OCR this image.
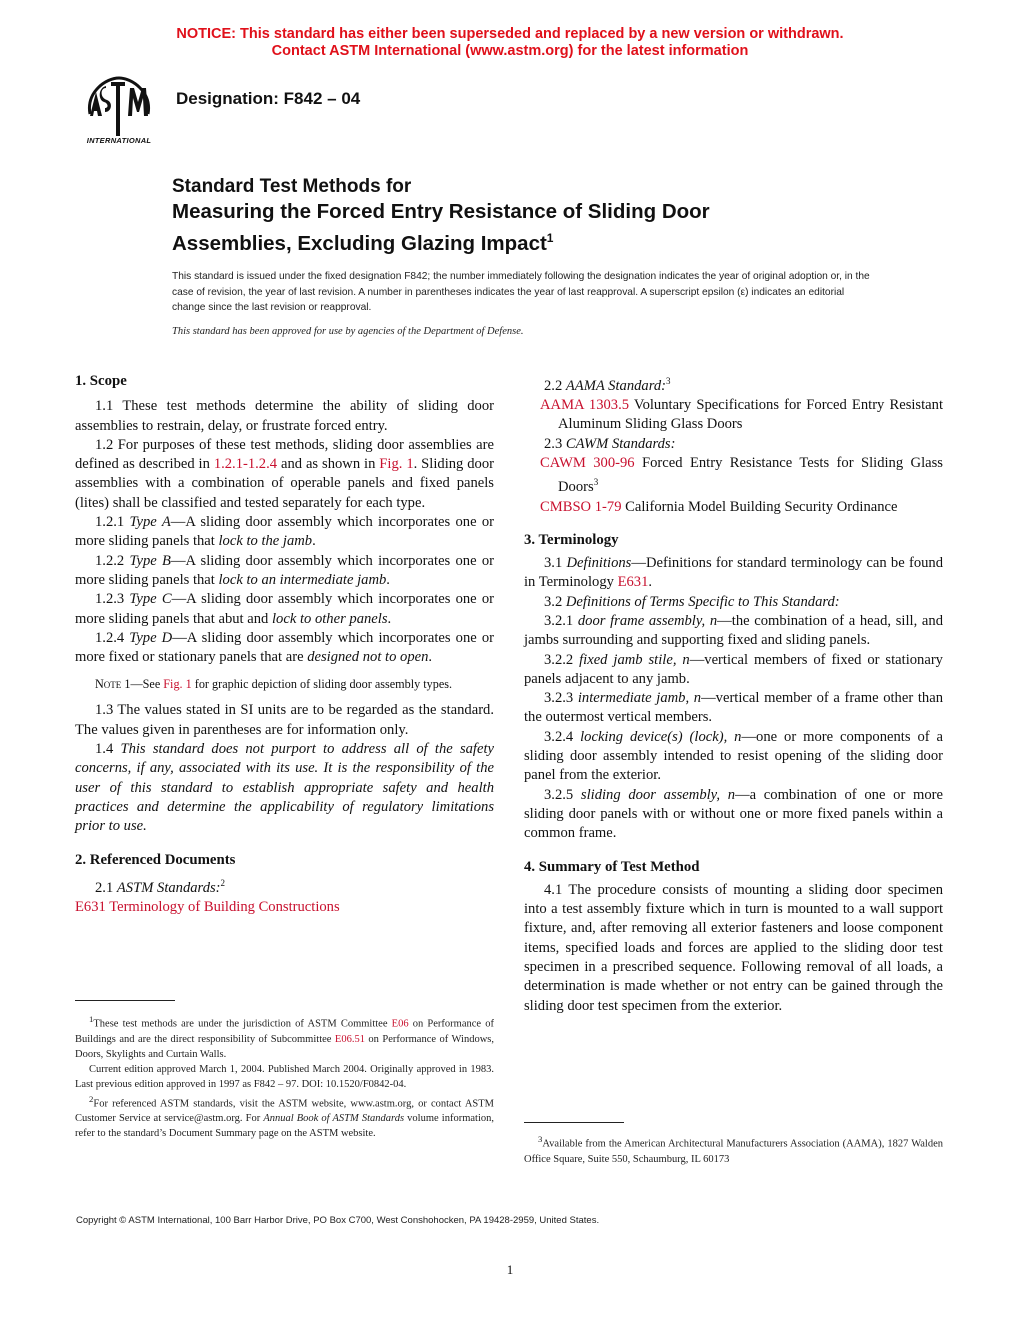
NOTICE: This standard has either been superseded and replaced by a new version or withdrawn.
Contact ASTM International (www.astm.org) for the latest information
INTERNATIONAL
Designation: F842 – 04
Standard Test Methods for
Measuring the Forced Entry Resistance of Sliding Door
Assemblies, Excluding Glazing Impact$^1$
This standard is issued under the fixed designation F842; the number immediately following the designation indicates the year of original adoption or, in the case of revision, the year of last revision. A number in parentheses indicates the year of last reapproval. A superscript epsilon (ε) indicates an editorial change since the last revision or reapproval.
This standard has been approved for use by agencies of the Department of Defense.

1. Scope

1.1 These test methods determine the ability of sliding door assemblies to restrain, delay, or frustrate forced entry.

1.2 For purposes of these test methods, sliding door assemblies are defined as described in 1.2.1-1.2.4 and as shown in Fig. 1. Sliding door assemblies with a combination of operable panels and fixed panels (lites) shall be classified and tested separately for each type.

1.2.1 Type A—A sliding door assembly which incorporates one or more sliding panels that lock to the jamb.

1.2.2 Type B—A sliding door assembly which incorporates one or more sliding panels that lock to an intermediate jamb.

1.2.3 Type C—A sliding door assembly which incorporates one or more sliding panels that abut and lock to other panels.

1.2.4 Type D—A sliding door assembly which incorporates one or more fixed or stationary panels that are designed not to open.

Note 1—See Fig. 1 for graphic depiction of sliding door assembly types.

1.3 The values stated in SI units are to be regarded as the standard. The values given in parentheses are for information only.

1.4 This standard does not purport to address all of the safety concerns, if any, associated with its use. It is the responsibility of the user of this standard to establish appropriate safety and health practices and determine the applicability of regulatory limitations prior to use.

2. Referenced Documents

2.1 ASTM Standards:$^2$

E631 Terminology of Building Constructions

$^1$These test methods are under the jurisdiction of ASTM Committee E06 on Performance of Buildings and are the direct responsibility of Subcommittee E06.51 on Performance of Windows, Doors, Skylights and Curtain Walls.

Current edition approved March 1, 2004. Published March 2004. Originally approved in 1983. Last previous edition approved in 1997 as F842 – 97. DOI: 10.1520/F0842-04.

$^2$For referenced ASTM standards, visit the ASTM website, www.astm.org, or contact ASTM Customer Service at service@astm.org. For Annual Book of ASTM Standards volume information, refer to the standard’s Document Summary page on the ASTM website.

2.2 AAMA Standard:$^3$

AAMA 1303.5 Voluntary Specifications for Forced Entry Resistant Aluminum Sliding Glass Doors

2.3 CAWM Standards:

CAWM 300-96 Forced Entry Resistance Tests for Sliding Glass Doors$^3$

CMBSO 1-79 California Model Building Security Ordinance

3. Terminology

3.1 Definitions—Definitions for standard terminology can be found in Terminology E631.

3.2 Definitions of Terms Specific to This Standard:

3.2.1 door frame assembly, n—the combination of a head, sill, and jambs surrounding and supporting fixed and sliding panels.

3.2.2 fixed jamb stile, n—vertical members of fixed or stationary panels adjacent to any jamb.

3.2.3 intermediate jamb, n—vertical member of a frame other than the outermost vertical members.

3.2.4 locking device(s) (lock), n—one or more components of a sliding door assembly intended to resist opening of the sliding door panel from the exterior.

3.2.5 sliding door assembly, n—a combination of one or more sliding door panels with or without one or more fixed panels within a common frame.

4. Summary of Test Method

4.1 The procedure consists of mounting a sliding door specimen into a test assembly fixture which in turn is mounted to a wall support fixture, and, after removing all exterior fasteners and loose component items, specified loads and forces are applied to the sliding door test specimen in a prescribed sequence. Following removal of all loads, a determination is made whether or not entry can be gained through the sliding door test specimen from the exterior.

$^3$Available from the American Architectural Manufacturers Association (AAMA), 1827 Walden Office Square, Suite 550, Schaumburg, IL 60173

Copyright © ASTM International, 100 Barr Harbor Drive, PO Box C700, West Conshohocken, PA 19428-2959, United States.
1
